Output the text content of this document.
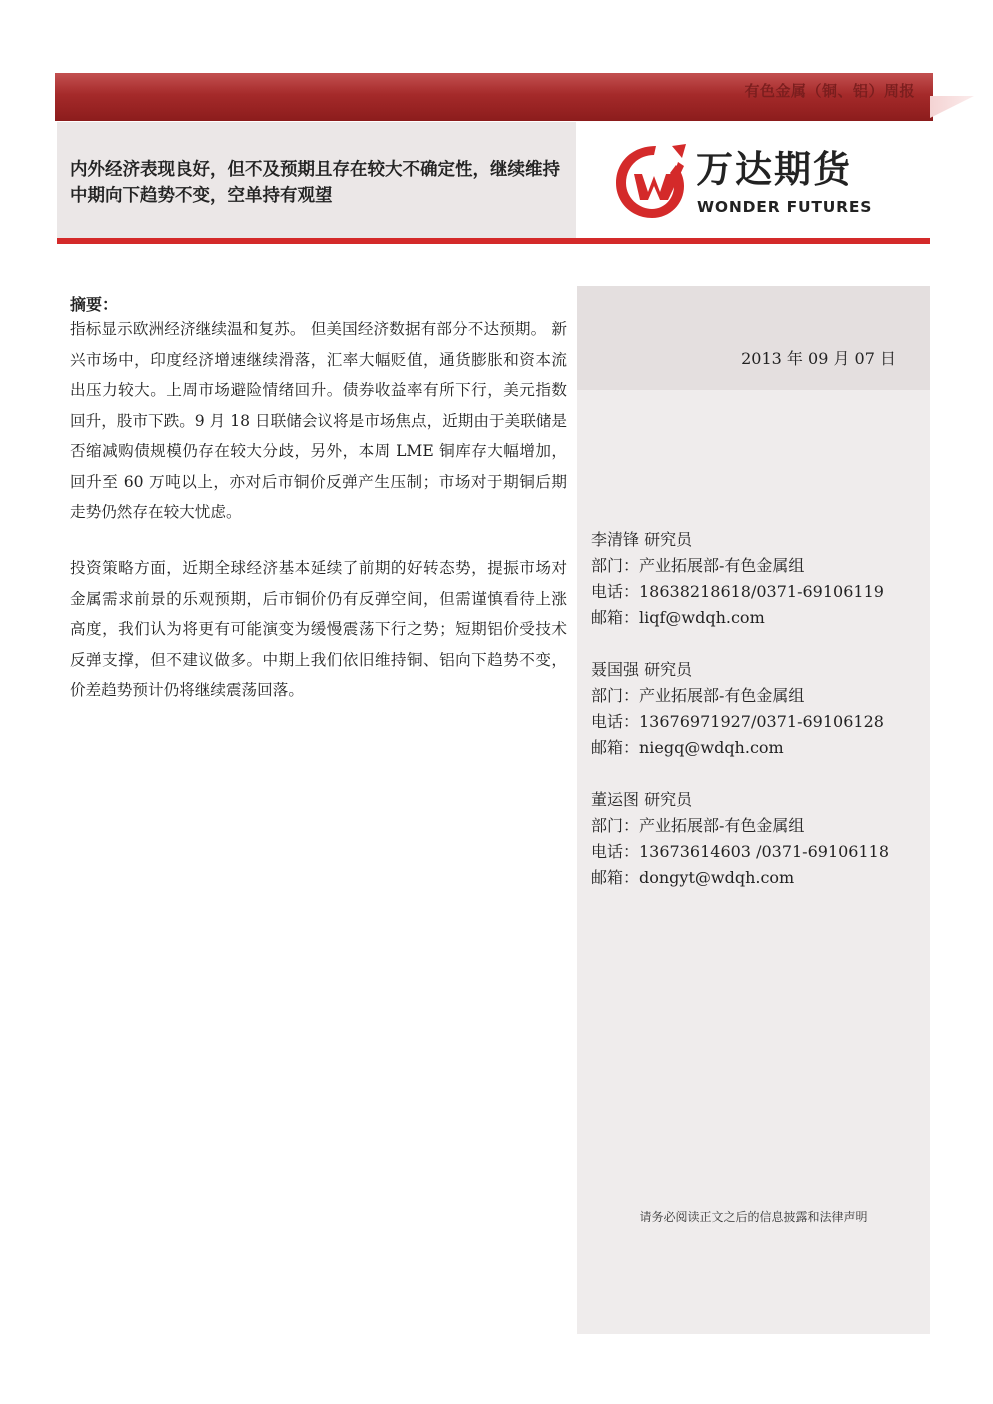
有色金属（铜、铝）周报
内外经济表现良好，但不及预期且存在较大不确定性，继续维持中期向下趋势不变，空单持有观望
万达期货
WONDER FUTURES
2013 年 09 月 07 日
李清锋 研究员
部门：产业拓展部-有色金属组
电话：18638218618/0371-69106119
邮箱：liqf@wdqh.com
聂国强 研究员
部门：产业拓展部-有色金属组
电话：13676971927/0371-69106128
邮箱：niegq@wdqh.com
董运图 研究员
部门：产业拓展部-有色金属组
电话：13673614603 /0371-69106118
邮箱：dongyt@wdqh.com
请务必阅读正文之后的信息披露和法律声明
摘要：
指标显示欧洲经济继续温和复苏。 但美国经济数据有部分不达预期。 新兴市场中，印度经济增速继续滑落，汇率大幅贬值，通货膨胀和资本流出压力较大。上周市场避险情绪回升。债券收益率有所下行，美元指数回升，股市下跌。9 月 18 日联储会议将是市场焦点，近期由于美联储是否缩减购债规模仍存在较大分歧，另外，本周 LME 铜库存大幅增加，回升至 60 万吨以上，亦对后市铜价反弹产生压制；市场对于期铜后期走势仍然存在较大忧虑。
投资策略方面，近期全球经济基本延续了前期的好转态势，提振市场对金属需求前景的乐观预期，后市铜价仍有反弹空间，但需谨慎看待上涨高度，我们认为将更有可能演变为缓慢震荡下行之势；短期铝价受技术反弹支撑，但不建议做多。中期上我们依旧维持铜、铝向下趋势不变，价差趋势预计仍将继续震荡回落。
